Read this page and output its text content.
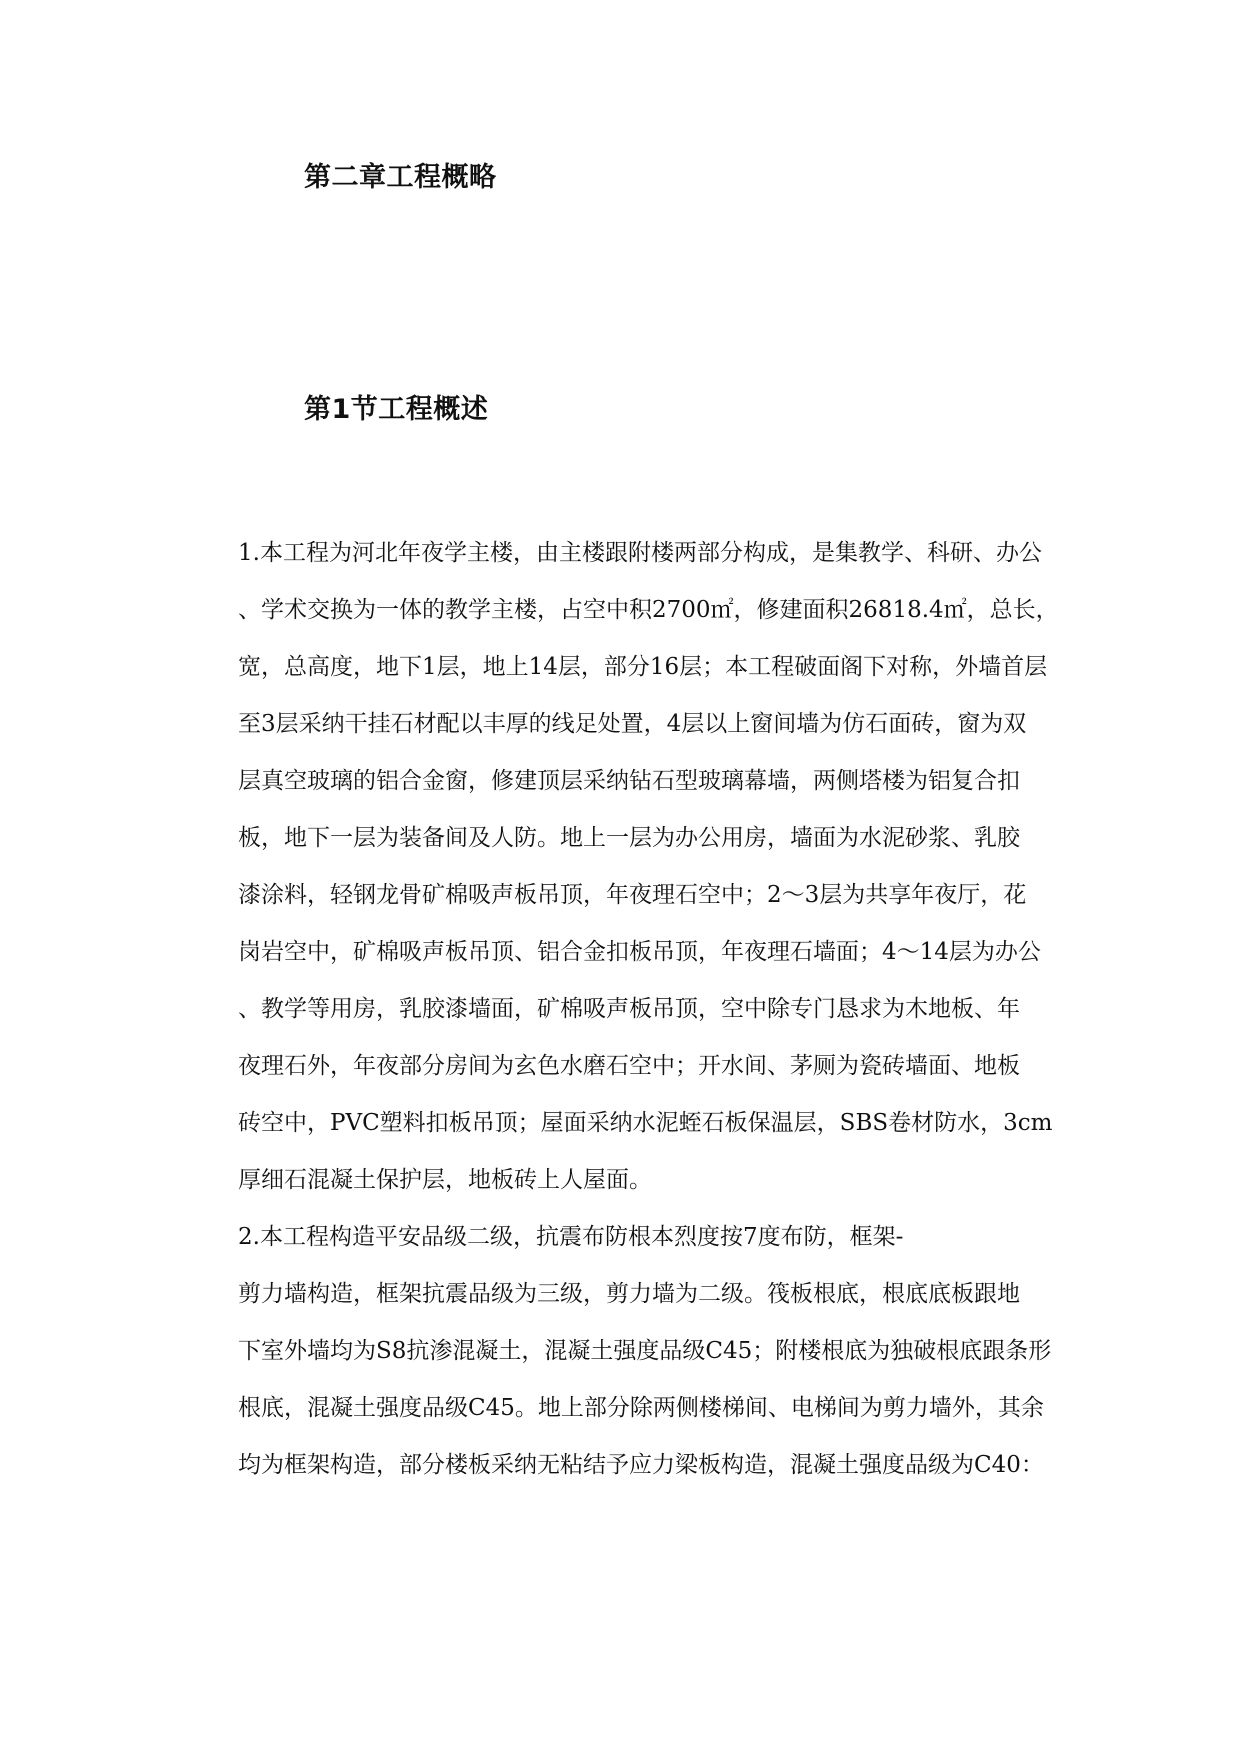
第二章工程概略
第1节工程概述
1.本工程为河北年夜学主楼，由主楼跟附楼两部分构成，是集教学、科研、办公
、学术交换为一体的教学主楼，占空中积2700㎡，修建面积26818.4㎡，总长，
宽，总高度，地下1层，地上14层，部分16层；本工程破面阁下对称，外墙首层
至3层采纳干挂石材配以丰厚的线足处置，4层以上窗间墙为仿石面砖，窗为双
层真空玻璃的铝合金窗，修建顶层采纳钻石型玻璃幕墙，两侧塔楼为铝复合扣
板，地下一层为装备间及人防。地上一层为办公用房，墙面为水泥砂浆、乳胶
漆涂料，轻钢龙骨矿棉吸声板吊顶，年夜理石空中；2～3层为共享年夜厅，花
岗岩空中，矿棉吸声板吊顶、铝合金扣板吊顶，年夜理石墙面；4～14层为办公
、教学等用房，乳胶漆墙面，矿棉吸声板吊顶，空中除专门恳求为木地板、年
夜理石外，年夜部分房间为玄色水磨石空中；开水间、茅厕为瓷砖墙面、地板
砖空中，PVC塑料扣板吊顶；屋面采纳水泥蛭石板保温层，SBS卷材防水，3cm
厚细石混凝土保护层，地板砖上人屋面。
2.本工程构造平安品级二级，抗震布防根本烈度按7度布防，框架-
剪力墙构造，框架抗震品级为三级，剪力墙为二级。筏板根底，根底底板跟地
下室外墙均为S8抗渗混凝土，混凝土强度品级C45；附楼根底为独破根底跟条形
根底，混凝土强度品级C45。地上部分除两侧楼梯间、电梯间为剪力墙外，其余
均为框架构造，部分楼板采纳无粘结予应力梁板构造，混凝土强度品级为C40：
